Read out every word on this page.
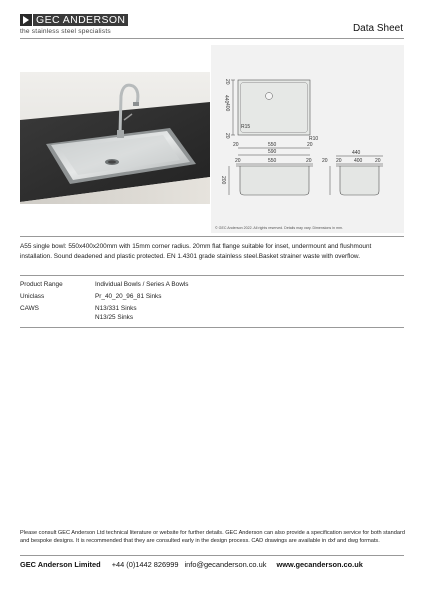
GEC ANDERSON
the stainless steel specialists	Data Sheet
440
20
20
400
R15
R10
550
590
20	20
20	550	20
200
440
20 20 400	20
© GEC Anderson 2022. All rights reserved. Details may vary. Dimensions in mm.
A55 single bowl: 550x400x200mm with 15mm corner radius. 20mm flat flange suitable for inset, undermount and flushmount installation. Sound deadened and plastic protected. EN 1.4301 grade stainless steel.Basket strainer waste with overflow.
Product Range	Individual Bowls / Series A Bowls
Uniclass	Pr_40_20_96_81 Sinks
CAWS	N13/331 Sinks
N13/25 Sinks
Please consult GEC Anderson Ltd technical literature or website for further details. GEC Anderson can also provide a specification service for both standard and bespoke designs. It is recommended that they are consulted early in the design process. CAD drawings are available in dxf and dwg formats.
GEC Anderson Limited +44 (0)1442 826999 info@gecanderson.co.uk www.gecanderson.co.uk
